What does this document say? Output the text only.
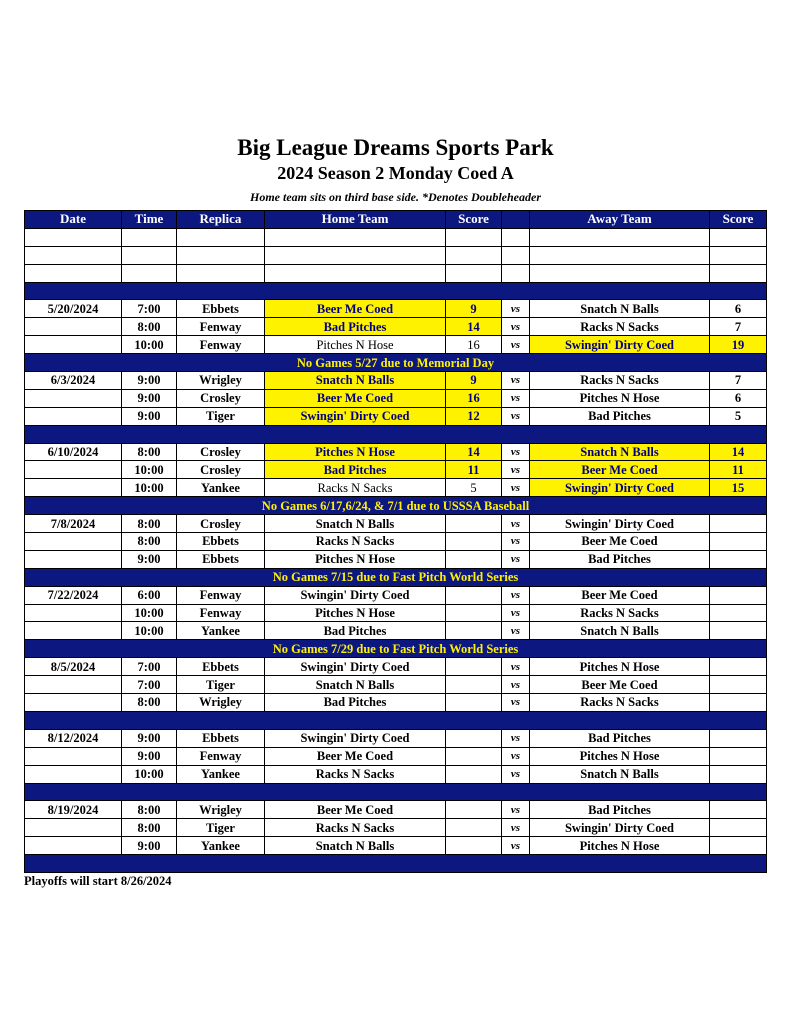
Big League Dreams Sports Park
2024 Season 2 Monday Coed A
Home team sits on third base side. *Denotes Doubleheader
Date	Time	Replica	Home Team	Score		Away Team	Score

5/20/2024	7:00	Ebbets	Beer Me Coed	9	vs	Snatch N Balls	6
	8:00	Fenway	Bad Pitches	14	vs	Racks N Sacks	7
	10:00	Fenway	Pitches N Hose	16	vs	Swingin' Dirty Coed	19
No Games 5/27 due to Memorial Day							
6/3/2024	9:00	Wrigley	Snatch N Balls	9	vs	Racks N Sacks	7
	9:00	Crosley	Beer Me Coed	16	vs	Pitches N Hose	6
	9:00	Tiger	Swingin' Dirty Coed	12	vs	Bad Pitches	5

6/10/2024	8:00	Crosley	Pitches N Hose	14	vs	Snatch N Balls	14
	10:00	Crosley	Bad Pitches	11	vs	Beer Me Coed	11
	10:00	Yankee	Racks N Sacks	5	vs	Swingin' Dirty Coed	15
No Games 6/17,6/24, & 7/1 due to USSSA Baseball							
7/8/2024	8:00	Crosley	Snatch N Balls		vs	Swingin' Dirty Coed	
	8:00	Ebbets	Racks N Sacks		vs	Beer Me Coed	
	9:00	Ebbets	Pitches N Hose		vs	Bad Pitches	
No Games 7/15 due to Fast Pitch World Series							
7/22/2024	6:00	Fenway	Swingin' Dirty Coed		vs	Beer Me Coed	
	10:00	Fenway	Pitches N Hose		vs	Racks N Sacks	
	10:00	Yankee	Bad Pitches		vs	Snatch N Balls	
No Games 7/29 due to Fast Pitch World Series							
8/5/2024	7:00	Ebbets	Swingin' Dirty Coed		vs	Pitches N Hose	
	7:00	Tiger	Snatch N Balls		vs	Beer Me Coed	
	8:00	Wrigley	Bad Pitches		vs	Racks N Sacks	

8/12/2024	9:00	Ebbets	Swingin' Dirty Coed		vs	Bad Pitches	
	9:00	Fenway	Beer Me Coed		vs	Pitches N Hose	
	10:00	Yankee	Racks N Sacks		vs	Snatch N Balls	

8/19/2024	8:00	Wrigley	Beer Me Coed		vs	Bad Pitches	
	8:00	Tiger	Racks N Sacks		vs	Swingin' Dirty Coed	
	9:00	Yankee	Snatch N Balls		vs	Pitches N Hose	

Playoffs will start 8/26/2024
